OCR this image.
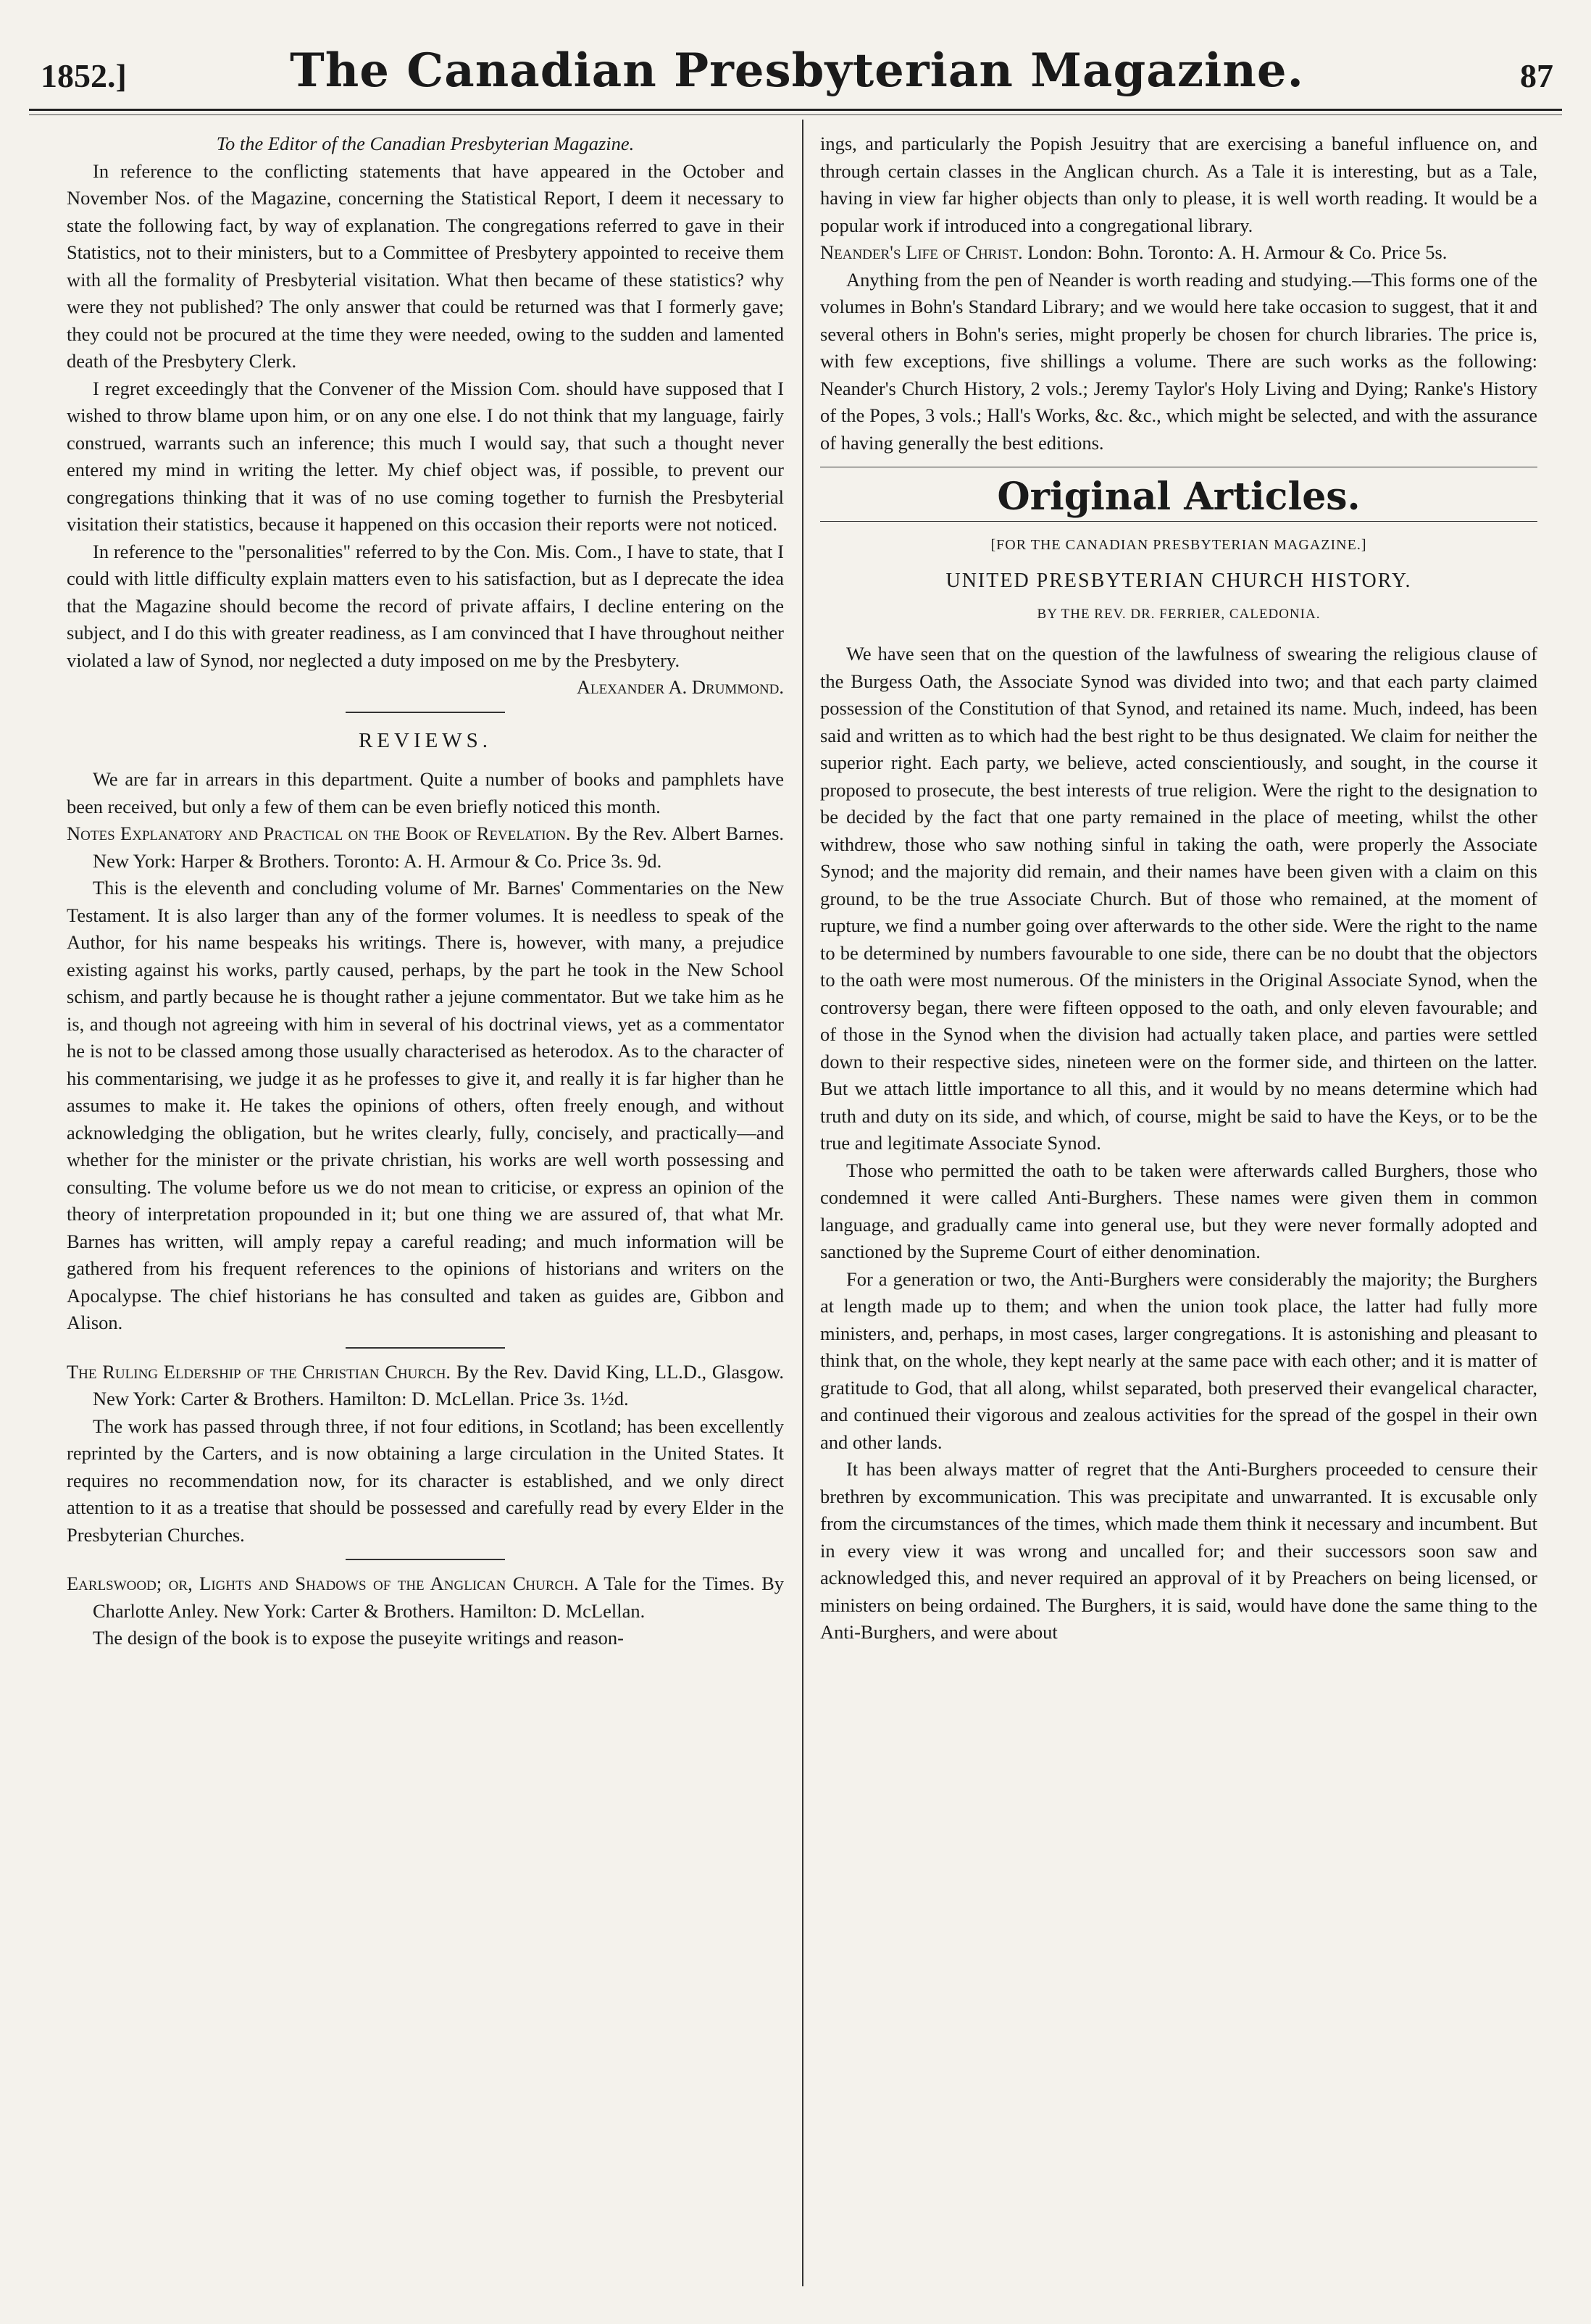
1852.]	The Canadian Presbyterian Magazine.	87

To the Editor of the Canadian Presbyterian Magazine.

In reference to the conflicting statements that have appeared in the October and November Nos. of the Magazine, concerning the Statistical Report, I deem it necessary to state the following fact, by way of explanation. The congregations referred to gave in their Statistics, not to their ministers, but to a Committee of Presbytery appointed to receive them with all the formality of Presbyterial visitation. What then became of these statistics? why were they not published? The only answer that could be returned was that I formerly gave; they could not be procured at the time they were needed, owing to the sudden and lamented death of the Presbytery Clerk.

I regret exceedingly that the Convener of the Mission Com. should have supposed that I wished to throw blame upon him, or on any one else. I do not think that my language, fairly construed, warrants such an inference; this much I would say, that such a thought never entered my mind in writing the letter. My chief object was, if possible, to prevent our congregations thinking that it was of no use coming together to furnish the Presbyterial visitation their statistics, because it happened on this occasion their reports were not noticed.

In reference to the "personalities" referred to by the Con. Mis. Com., I have to state, that I could with little difficulty explain matters even to his satisfaction, but as I deprecate the idea that the Magazine should become the record of private affairs, I decline entering on the subject, and I do this with greater readiness, as I am convinced that I have throughout neither violated a law of Synod, nor neglected a duty imposed on me by the Presbytery.

Alexander A. Drummond.

REVIEWS.

We are far in arrears in this department. Quite a number of books and pamphlets have been received, but only a few of them can be even briefly noticed this month.

Notes Explanatory and Practical on the Book of Revelation. By the Rev. Albert Barnes. New York: Harper & Brothers. Toronto: A. H. Armour & Co. Price 3s. 9d.

This is the eleventh and concluding volume of Mr. Barnes' Commentaries on the New Testament. It is also larger than any of the former volumes. It is needless to speak of the Author, for his name bespeaks his writings. There is, however, with many, a prejudice existing against his works, partly caused, perhaps, by the part he took in the New School schism, and partly because he is thought rather a jejune commentator. But we take him as he is, and though not agreeing with him in several of his doctrinal views, yet as a commentator he is not to be classed among those usually characterised as heterodox. As to the character of his commentarising, we judge it as he professes to give it, and really it is far higher than he assumes to make it. He takes the opinions of others, often freely enough, and without acknowledging the obligation, but he writes clearly, fully, concisely, and practically—and whether for the minister or the private christian, his works are well worth possessing and consulting. The volume before us we do not mean to criticise, or express an opinion of the theory of interpretation propounded in it; but one thing we are assured of, that what Mr. Barnes has written, will amply repay a careful reading; and much information will be gathered from his frequent references to the opinions of historians and writers on the Apocalypse. The chief historians he has consulted and taken as guides are, Gibbon and Alison.

The Ruling Eldership of the Christian Church. By the Rev. David King, LL.D., Glasgow. New York: Carter & Brothers. Hamilton: D. McLellan. Price 3s. 1½d.

The work has passed through three, if not four editions, in Scotland; has been excellently reprinted by the Carters, and is now obtaining a large circulation in the United States. It requires no recommendation now, for its character is established, and we only direct attention to it as a treatise that should be possessed and carefully read by every Elder in the Presbyterian Churches.

Earlswood; or, Lights and Shadows of the Anglican Church. A Tale for the Times. By Charlotte Anley. New York: Carter & Brothers. Hamilton: D. McLellan.

The design of the book is to expose the puseyite writings and reason-

ings, and particularly the Popish Jesuitry that are exercising a baneful influence on, and through certain classes in the Anglican church. As a Tale it is interesting, but as a Tale, having in view far higher objects than only to please, it is well worth reading. It would be a popular work if introduced into a congregational library.

Neander's Life of Christ. London: Bohn. Toronto: A. H. Armour & Co. Price 5s.

Anything from the pen of Neander is worth reading and studying.—This forms one of the volumes in Bohn's Standard Library; and we would here take occasion to suggest, that it and several others in Bohn's series, might properly be chosen for church libraries. The price is, with few exceptions, five shillings a volume. There are such works as the following: Neander's Church History, 2 vols.; Jeremy Taylor's Holy Living and Dying; Ranke's History of the Popes, 3 vols.; Hall's Works, &c. &c., which might be selected, and with the assurance of having generally the best editions.

Original Articles.
[FOR THE CANADIAN PRESBYTERIAN MAGAZINE.]
UNITED PRESBYTERIAN CHURCH HISTORY.
BY THE REV. DR. FERRIER, CALEDONIA.

We have seen that on the question of the lawfulness of swearing the religious clause of the Burgess Oath, the Associate Synod was divided into two; and that each party claimed possession of the Constitution of that Synod, and retained its name. Much, indeed, has been said and written as to which had the best right to be thus designated. We claim for neither the superior right. Each party, we believe, acted conscientiously, and sought, in the course it proposed to prosecute, the best interests of true religion. Were the right to the designation to be decided by the fact that one party remained in the place of meeting, whilst the other withdrew, those who saw nothing sinful in taking the oath, were properly the Associate Synod; and the majority did remain, and their names have been given with a claim on this ground, to be the true Associate Church. But of those who remained, at the moment of rupture, we find a number going over afterwards to the other side. Were the right to the name to be determined by numbers favourable to one side, there can be no doubt that the objectors to the oath were most numerous. Of the ministers in the Original Associate Synod, when the controversy began, there were fifteen opposed to the oath, and only eleven favourable; and of those in the Synod when the division had actually taken place, and parties were settled down to their respective sides, nineteen were on the former side, and thirteen on the latter. But we attach little importance to all this, and it would by no means determine which had truth and duty on its side, and which, of course, might be said to have the Keys, or to be the true and legitimate Associate Synod.

Those who permitted the oath to be taken were afterwards called Burghers, those who condemned it were called Anti-Burghers. These names were given them in common language, and gradually came into general use, but they were never formally adopted and sanctioned by the Supreme Court of either denomination.

For a generation or two, the Anti-Burghers were considerably the majority; the Burghers at length made up to them; and when the union took place, the latter had fully more ministers, and, perhaps, in most cases, larger congregations. It is astonishing and pleasant to think that, on the whole, they kept nearly at the same pace with each other; and it is matter of gratitude to God, that all along, whilst separated, both preserved their evangelical character, and continued their vigorous and zealous activities for the spread of the gospel in their own and other lands.

It has been always matter of regret that the Anti-Burghers proceeded to censure their brethren by excommunication. This was precipitate and unwarranted. It is excusable only from the circumstances of the times, which made them think it necessary and incumbent. But in every view it was wrong and uncalled for; and their successors soon saw and acknowledged this, and never required an approval of it by Preachers on being licensed, or ministers on being ordained. The Burghers, it is said, would have done the same thing to the Anti-Burghers, and were about
